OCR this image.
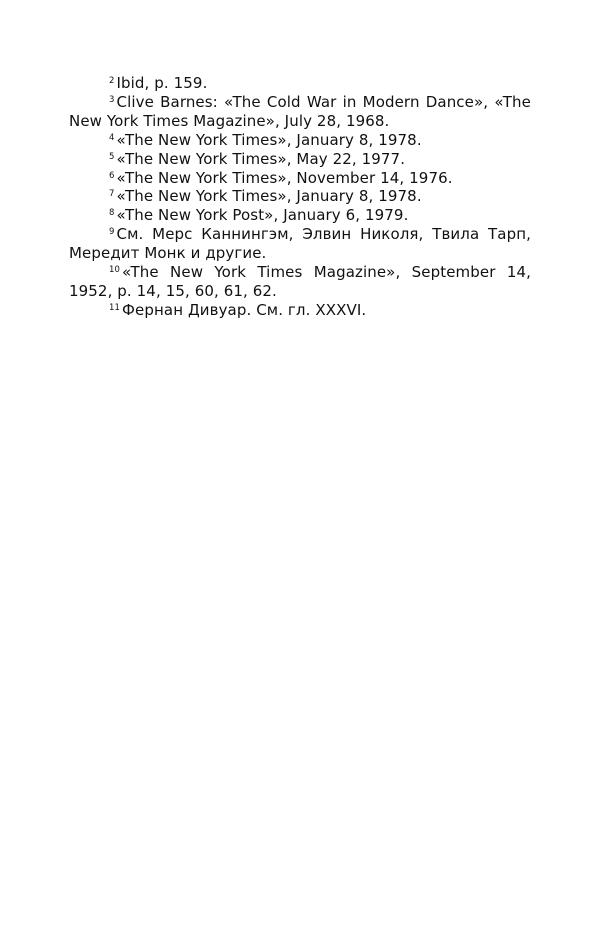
$^2$ Ibid, p. 159.

$^3$ Clive Barnes: «The Cold War in Modern Dance», «The New York Times Magazine», July 28, 1968.

$^4$ «The New York Times», January 8, 1978.

$^5$ «The New York Times», May 22, 1977.

$^6$ «The New York Times», November 14, 1976.

$^7$ «The New York Times», January 8, 1978.

$^8$ «The New York Post», January 6, 1979.

$^9$ См. Мерс Каннингэм, Элвин Николя, Твила Тарп, Мередит Монк и другие.

$^{10}$ «The New York Times Magazine», September 14, 1952, p. 14, 15, 60, 61, 62.

$^{11}$ Фернан Дивуар. См. гл. XXXVI.
